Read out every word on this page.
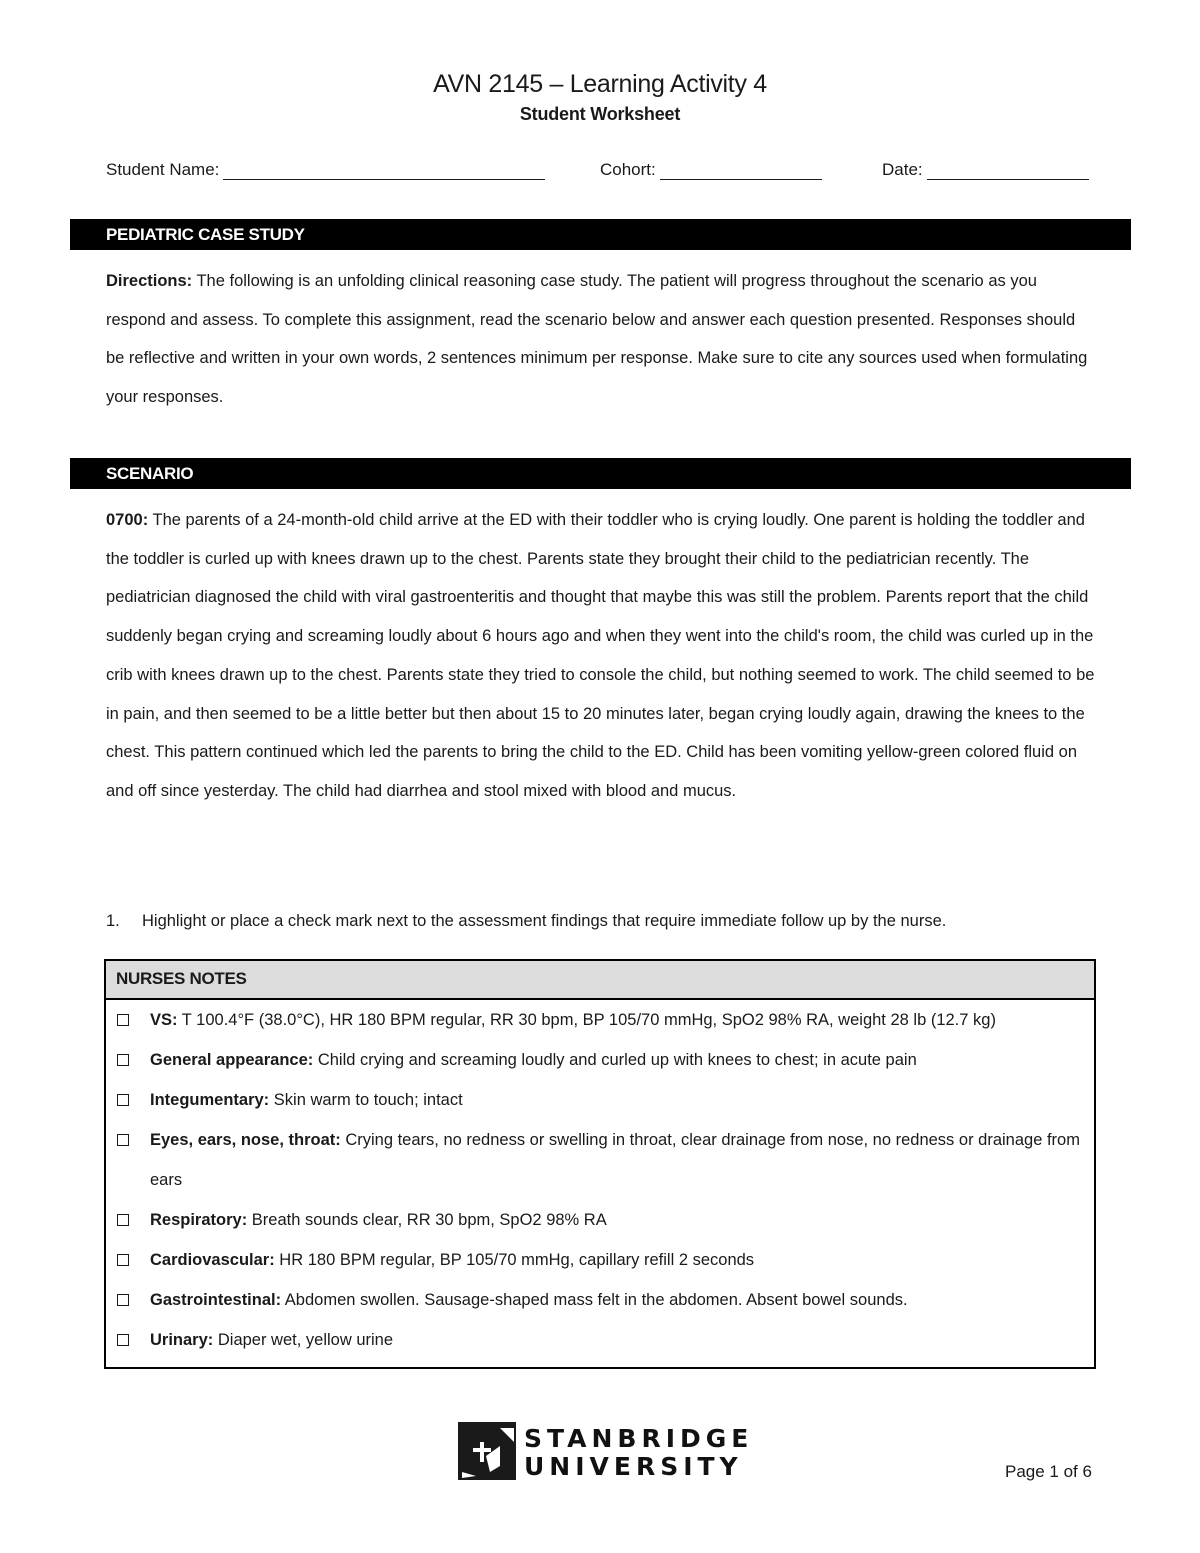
AVN 2145 – Learning Activity 4
Student Worksheet
Student Name:	Cohort:	Date:
PEDIATRIC CASE STUDY
Directions: The following is an unfolding clinical reasoning case study. The patient will progress throughout the scenario as you respond and assess. To complete this assignment, read the scenario below and answer each question presented. Responses should be reflective and written in your own words, 2 sentences minimum per response. Make sure to cite any sources used when formulating your responses.
SCENARIO
0700: The parents of a 24-month-old child arrive at the ED with their toddler who is crying loudly. One parent is holding the toddler and the toddler is curled up with knees drawn up to the chest. Parents state they brought their child to the pediatrician recently. The pediatrician diagnosed the child with viral gastroenteritis and thought that maybe this was still the problem. Parents report that the child suddenly began crying and screaming loudly about 6 hours ago and when they went into the child's room, the child was curled up in the crib with knees drawn up to the chest. Parents state they tried to console the child, but nothing seemed to work. The child seemed to be in pain, and then seemed to be a little better but then about 15 to 20 minutes later, began crying loudly again, drawing the knees to the chest. This pattern continued which led the parents to bring the child to the ED. Child has been vomiting yellow-green colored fluid on and off since yesterday. The child had diarrhea and stool mixed with blood and mucus.
1. Highlight or place a check mark next to the assessment findings that require immediate follow up by the nurse.
NURSES NOTES
VS: T 100.4°F (38.0°C), HR 180 BPM regular, RR 30 bpm, BP 105/70 mmHg, SpO2 98% RA, weight 28 lb (12.7 kg)
General appearance: Child crying and screaming loudly and curled up with knees to chest; in acute pain
Integumentary: Skin warm to touch; intact
Eyes, ears, nose, throat: Crying tears, no redness or swelling in throat, clear drainage from nose, no redness or drainage from ears
Respiratory: Breath sounds clear, RR 30 bpm, SpO2 98% RA
Cardiovascular: HR 180 BPM regular, BP 105/70 mmHg, capillary refill 2 seconds
Gastrointestinal: Abdomen swollen. Sausage-shaped mass felt in the abdomen. Absent bowel sounds.
Urinary: Diaper wet, yellow urine
STANBRIDGE
UNIVERSITY	Page 1 of 6
